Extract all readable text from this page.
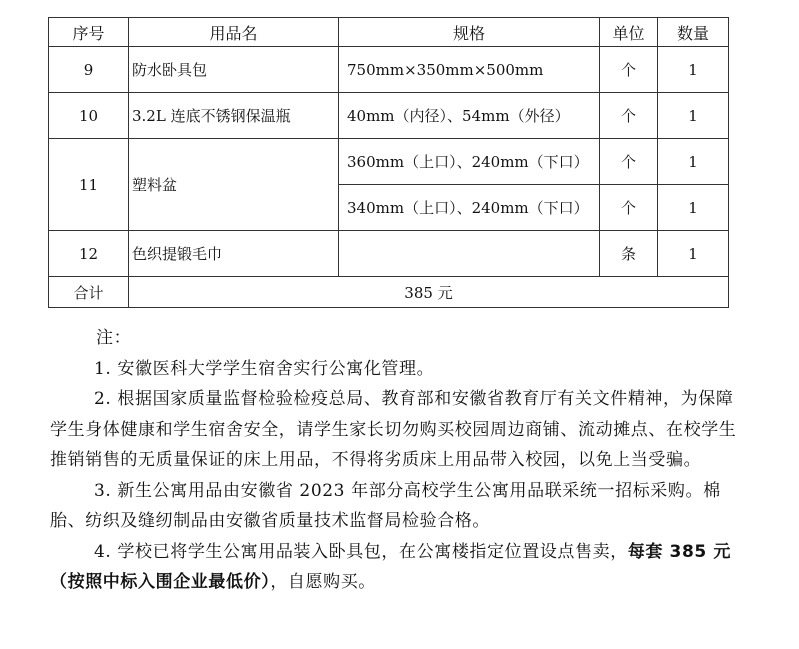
序号	用品名	规格	单位	数量
9	防水卧具包	750mm×350mm×500mm	个	1
10	3.2L 连底不锈钢保温瓶	40mm（内径）、54mm（外径）	个	1
11	塑料盆	360mm（上口）、240mm（下口）	个	1
		340mm（上口）、240mm（下口）	个	1
12	色织提锻毛巾		条	1
合计	385 元			

注：

1. 安徽医科大学学生宿舍实行公寓化管理。

2. 根据国家质量监督检验检疫总局、教育部和安徽省教育厅有关文件精神，为保障学生身体健康和学生宿舍安全，请学生家长切勿购买校园周边商铺、流动摊点、在校学生推销销售的无质量保证的床上用品，不得将劣质床上用品带入校园，以免上当受骗。

3. 新生公寓用品由安徽省 2023 年部分高校学生公寓用品联采统一招标采购。棉胎、纺织及缝纫制品由安徽省质量技术监督局检验合格。

4. 学校已将学生公寓用品装入卧具包，在公寓楼指定位置设点售卖，每套 385 元（按照中标入围企业最低价），自愿购买。
